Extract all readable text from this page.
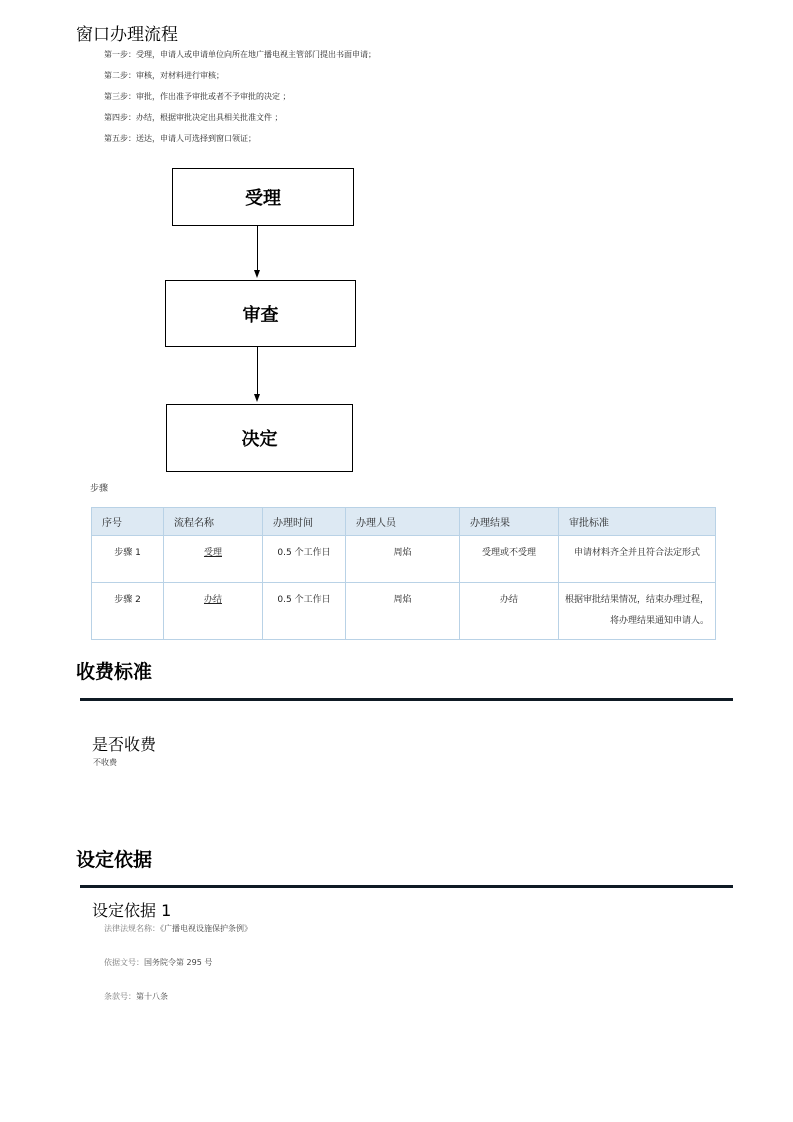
窗口办理流程
第一步：受理，申请人或申请单位向所在地广播电视主管部门提出书面申请；
第二步：审核，对材料进行审核；
第三步：审批，作出准予审批或者不予审批的决定 ；
第四步：办结，根据审批决定出具相关批准文件 ；
第五步：送达，申请人可选择到窗口领证；
受理
审查
决定
步骤
序号	流程名称	办理时间	办理人员	办理结果	审批标准
步骤 1	受理	0.5 个工作日	周焰	受理或不受理	申请材料齐全并且符合法定形式
步骤 2	办结	0.5 个工作日	周焰	办结	根据审批结果情况，结束办理过程，将办理结果通知申请人。
收费标准
是否收费
不收费
设定依据
设定依据 1
法律法规名称：《广播电视设施保护条例》
依据文号：国务院令第 295 号
条款号：第十八条
